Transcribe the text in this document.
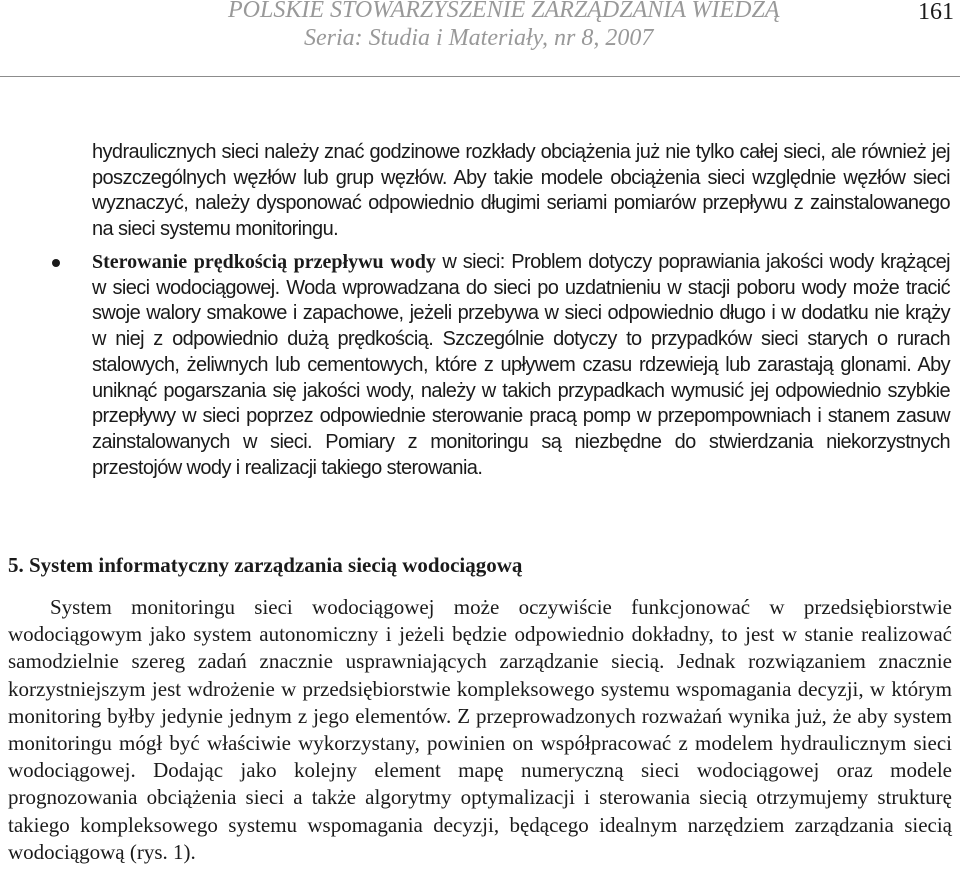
POLSKIE STOWARZYSZENIE ZARZĄDZANIA WIEDZĄ
Seria: Studia i Materiały, nr 8, 2007
161
hydraulicznych sieci należy znać godzinowe rozkłady obciążenia już nie tylko całej sieci, ale również jej poszczególnych węzłów lub grup węzłów. Aby takie modele obciążenia sieci względnie węzłów sieci wyznaczyć, należy dysponować odpowiednio długimi seriami pomiarów przepływu z zainstalowanego na sieci systemu monitoringu.
Sterowanie prędkością przepływu wody w sieci: Problem dotyczy poprawiania jakości wody krążącej w sieci wodociągowej. Woda wprowadzana do sieci po uzdatnieniu w stacji poboru wody może tracić swoje walory smakowe i zapachowe, jeżeli przebywa w sieci odpowiednio długo i w dodatku nie krąży w niej z odpowiednio dużą prędkością. Szczególnie dotyczy to przypadków sieci starych o rurach stalowych, żeliwnych lub cementowych, które z upływem czasu rdzewieją lub zarastają glonami. Aby uniknąć pogarszania się jakości wody, należy w takich przypadkach wymusić jej odpowiednio szybkie przepływy w sieci poprzez odpowiednie sterowanie pracą pomp w przepompowniach i stanem zasuw zainstalowanych w sieci. Pomiary z monitoringu są niezbędne do stwierdzania niekorzystnych przestojów wody i realizacji takiego sterowania.
5. System informatyczny zarządzania siecią wodociągową
System monitoringu sieci wodociągowej może oczywiście funkcjonować w przedsiębiorstwie wodociągowym jako system autonomiczny i jeżeli będzie odpowiednio dokładny, to jest w stanie realizować samodzielnie szereg zadań znacznie usprawniających zarządzanie siecią. Jednak rozwiązaniem znacznie korzystniejszym jest wdrożenie w przedsiębiorstwie kompleksowego systemu wspomagania decyzji, w którym monitoring byłby jedynie jednym z jego elementów. Z przeprowadzonych rozważań wynika już, że aby system monitoringu mógł być właściwie wykorzystany, powinien on współpracować z modelem hydraulicznym sieci wodociągowej. Dodając jako kolejny element mapę numeryczną sieci wodociągowej oraz modele prognozowania obciążenia sieci a także algorytmy optymalizacji i sterowania siecią otrzymujemy strukturę takiego kompleksowego systemu wspomagania decyzji, będącego idealnym narzędziem zarządzania siecią wodociągową (rys. 1).
